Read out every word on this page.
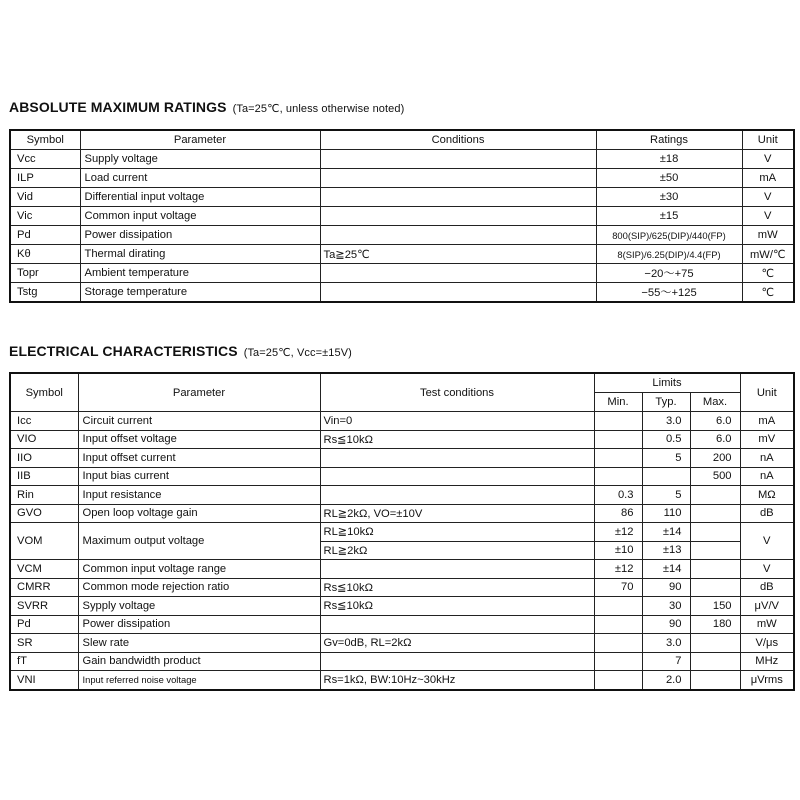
ABSOLUTE MAXIMUM RATINGS (Ta=25℃, unless otherwise noted)
Symbol	Parameter	Conditions	Ratings	Unit
Vcc	Supply voltage		±18	V
ILP	Load current		±50	mA
Vid	Differential input voltage		±30	V
Vic	Common input voltage		±15	V
Pd	Power dissipation		800(SIP)/625(DIP)/440(FP)	mW
Kθ	Thermal dirating	Ta≧25℃	8(SIP)/6.25(DIP)/4.4(FP)	mW/℃
Topr	Ambient temperature		−20～+75	℃
Tstg	Storage temperature		−55～+125	℃
ELECTRICAL CHARACTERISTICS (Ta=25℃, Vcc=±15V)
Symbol	Parameter	Test conditions	Limits			Unit
			Min.	Typ.	Max.	
Icc	Circuit current	Vin=0		3.0	6.0	mA
VIO	Input offset voltage	Rs≦10kΩ		0.5	6.0	mV
IIO	Input offset current			5	200	nA
IIB	Input bias current				500	nA
Rin	Input resistance		0.3	5		MΩ
GVO	Open loop voltage gain	RL≧2kΩ, VO=±10V	86	110		dB
VOM	Maximum output voltage	RL≧10kΩ	±12	±14		V
		RL≧2kΩ	±10	±13		
VCM	Common input voltage range		±12	±14		V
CMRR	Common mode rejection ratio	Rs≦10kΩ	70	90		dB
SVRR	Sypply voltage	Rs≦10kΩ		30	150	μV/V
Pd	Power dissipation			90	180	mW
SR	Slew rate	Gv=0dB, RL=2kΩ		3.0		V/μs
fT	Gain bandwidth product			7		MHz
VNI	Input referred noise voltage	Rs=1kΩ, BW:10Hz~30kHz		2.0		μVrms
